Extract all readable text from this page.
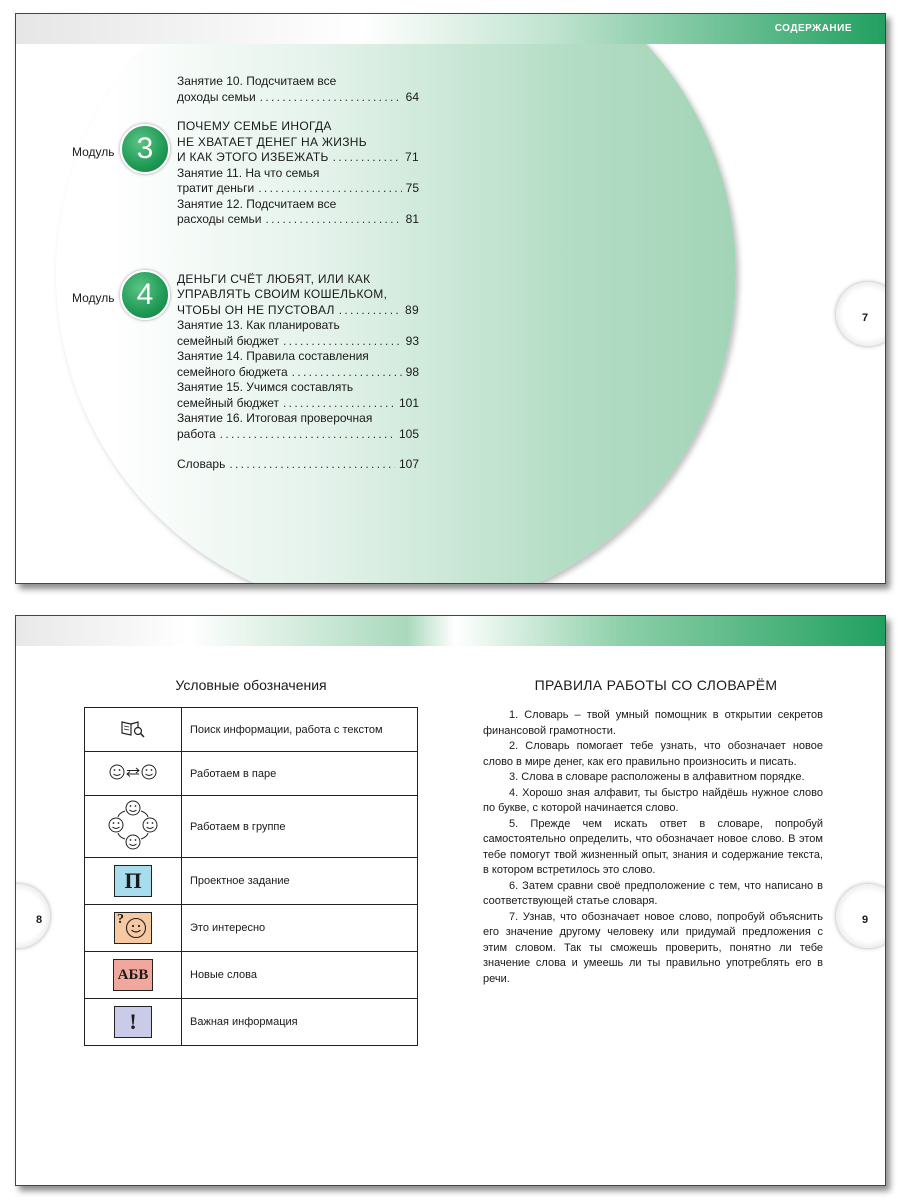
СОДЕРЖАНИЕ
7
Модуль 3
Модуль 4
Занятие 10. Подсчитаем все
доходы семьи . . .	64
ПОЧЕМУ СЕМЬЕ ИНОГДА
НЕ ХВАТАЕТ ДЕНЕГ НА ЖИЗНЬ
И КАК ЭТОГО ИЗБЕЖАТЬ . . .	71
Занятие 11. На что семья
тратит деньги . . .	75
Занятие 12. Подсчитаем все
расходы семьи . . .	81
ДЕНЬГИ СЧЁТ ЛЮБЯТ, ИЛИ КАК
УПРАВЛЯТЬ СВОИМ КОШЕЛЬКОМ,
ЧТОБЫ ОН НЕ ПУСТОВАЛ . . .	89
Занятие 13. Как планировать
семейный бюджет . . .	93
Занятие 14. Правила составления
семейного бюджета . . .	98
Занятие 15. Учимся составлять
семейный бюджет . . .	101
Занятие 16. Итоговая проверочная
работа . . .	105
Словарь . . .	107
8	9
Условные обозначения
	Поиск информации, работа с текстом
	Работаем в паре
	Работаем в группе
П	Проектное задание

?	Это интересно
АБВ	Новые слова
!	Важная информация
ПРАВИЛА РАБОТЫ СО СЛОВАРЁМ

1. Словарь – твой умный помощник в открытии секретов финансовой грамотности.

2. Словарь помогает тебе узнать, что обозначает новое слово в мире денег, как его правильно произносить и писать.

3. Слова в словаре расположены в алфавитном порядке.

4. Хорошо зная алфавит, ты быстро найдёшь нужное слово по букве, с которой начинается слово.

5. Прежде чем искать ответ в словаре, попробуй самостоятельно определить, что обозначает новое слово. В этом тебе помогут твой жизненный опыт, знания и содержание текста, в котором встретилось это слово.

6. Затем сравни своё предположение с тем, что написано в соответствующей статье словаря.

7. Узнав, что обозначает новое слово, попробуй объяснить его значение другому человеку или придумай предложения с этим словом. Так ты сможешь проверить, понятно ли тебе значение слова и умеешь ли ты правильно употреблять его в речи.
